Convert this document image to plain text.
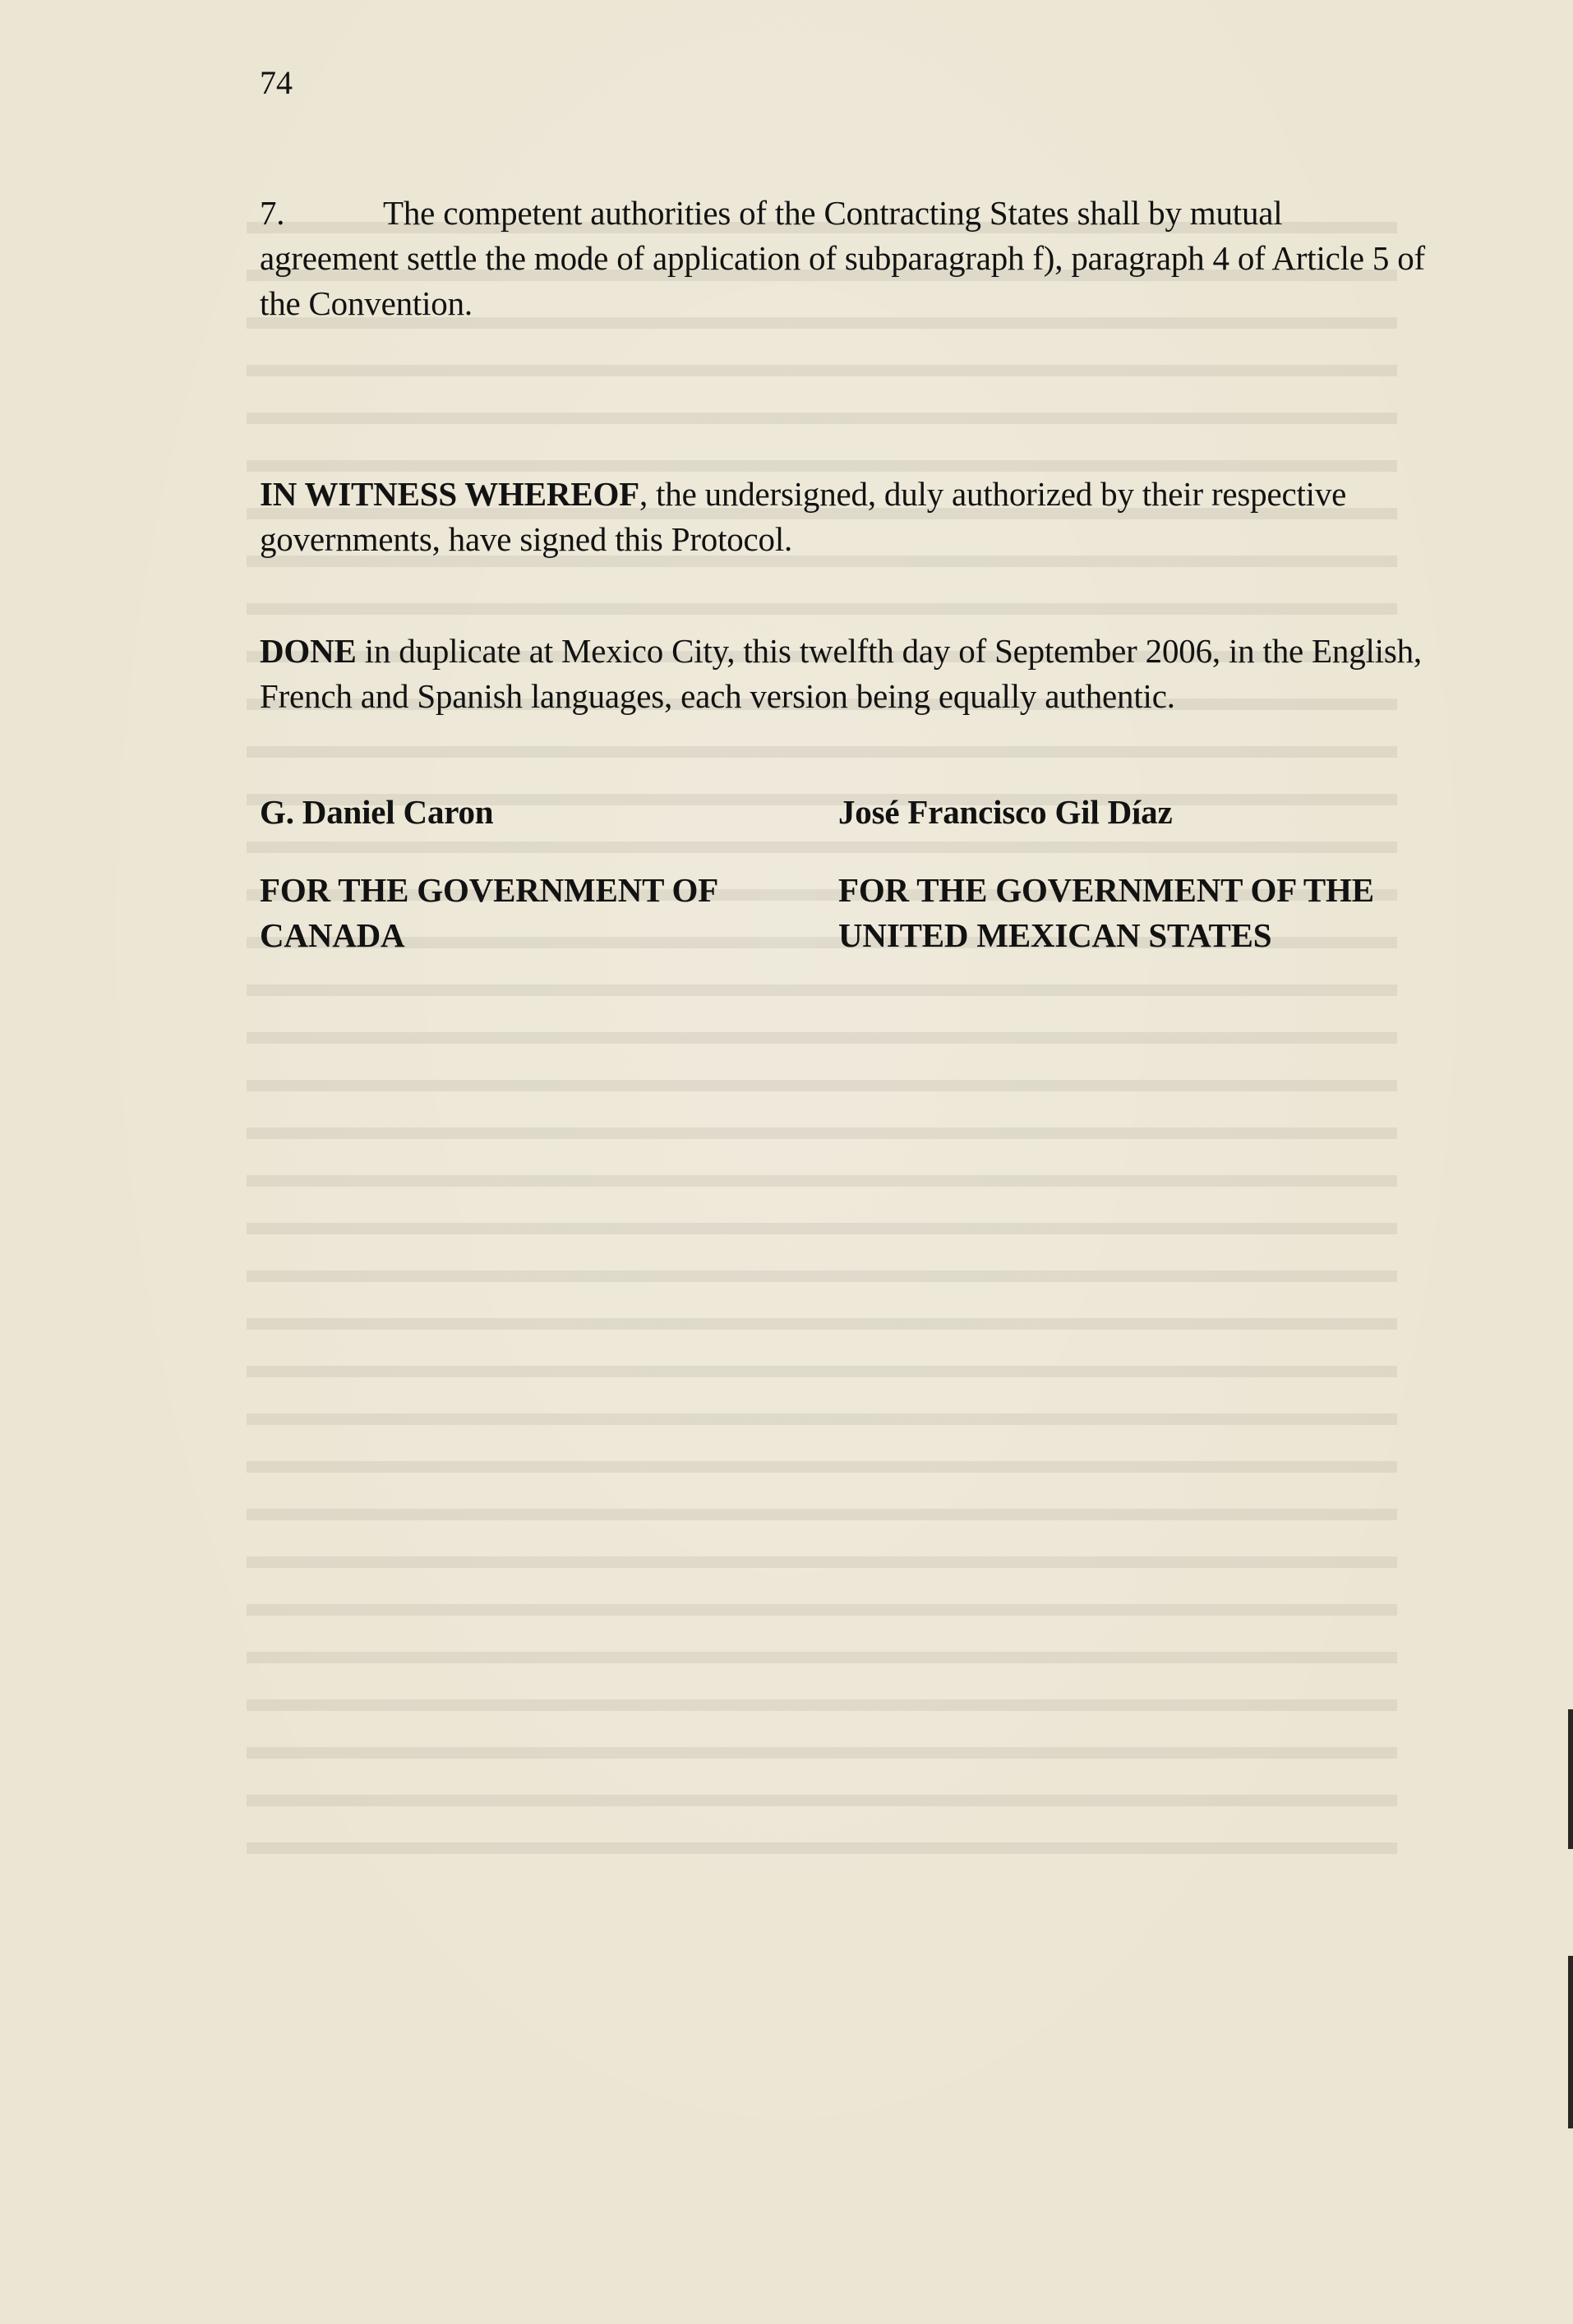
74
7.	The competent authorities of the Contracting States shall by mutual agreement settle the mode of application of subparagraph f), paragraph 4 of Article 5 of the Convention.
IN WITNESS WHEREOF, the undersigned, duly authorized by their respective governments, have signed this Protocol.
DONE in duplicate at Mexico City, this twelfth day of September 2006, in the English, French and Spanish languages, each version being equally authentic.
G. Daniel Caron	José Francisco Gil Díaz
FOR THE GOVERNMENT OF CANADA
FOR THE GOVERNMENT OF THE UNITED MEXICAN STATES
